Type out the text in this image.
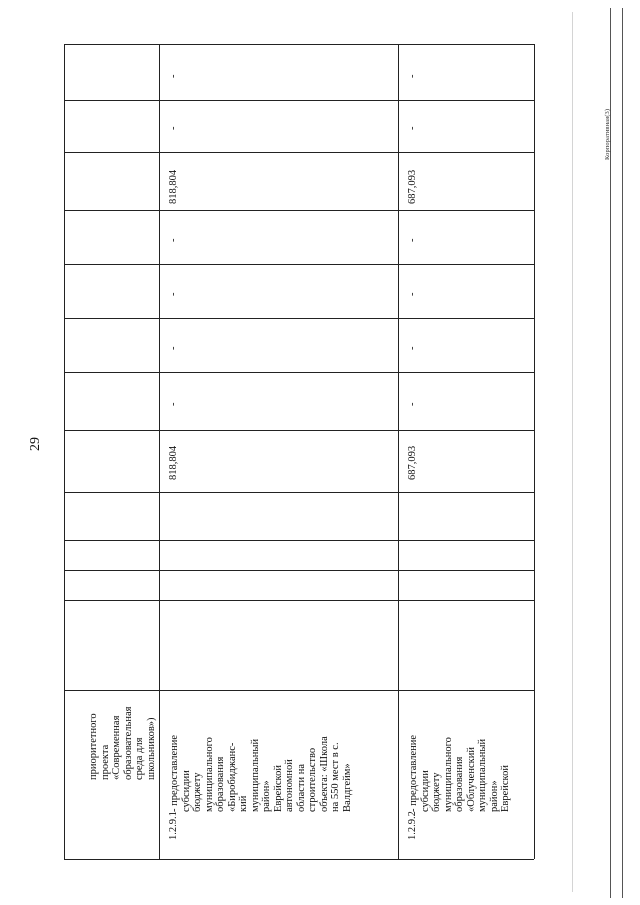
29
приоритетного проекта «Современная образовательная среда для школьников»)
1.2.9.1
- предоставление субсидии бюджету муниципального образования «Биробиджанс- кий муниципальный район» Еврейской автономной области на строительство объекта: «Школа на 550 мест в с. Валдгейм»
818,804
-
-
-
-
818,804
-
-
1.2.9.2
- предоставление субсидии бюджету муниципального образования «Облученский муниципальный район» Еврейской
687,093
-
-
-
-
687,093
-
-
Корпоративная(3)
